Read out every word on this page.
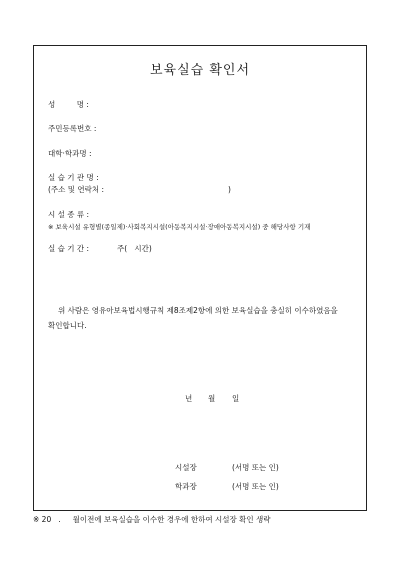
보육실습 확인서
성         명 :
주민등록번호 :
대학·학과명 :
실 습 기 관 명 :
(주소 및 연락처 :	)
시 설 종 류 :
※ 보육시설 유형별(종일제)·사회복지시설(아동복지시설·장애아동복지시설) 중 해당사항 기재
실 습 기 간 :	주(   시간)
위 사람은 영유아보육법시행규칙 제8조제2항에 의한 보육실습을 충실히 이수하였음을
확인합니다.
년 월 일
시설장	(서명 또는 인)
학과장	(서명 또는 인)
※ 20   .     월이전에 보육실습을 이수한 경우에 한하여 시설장 확인 생략
